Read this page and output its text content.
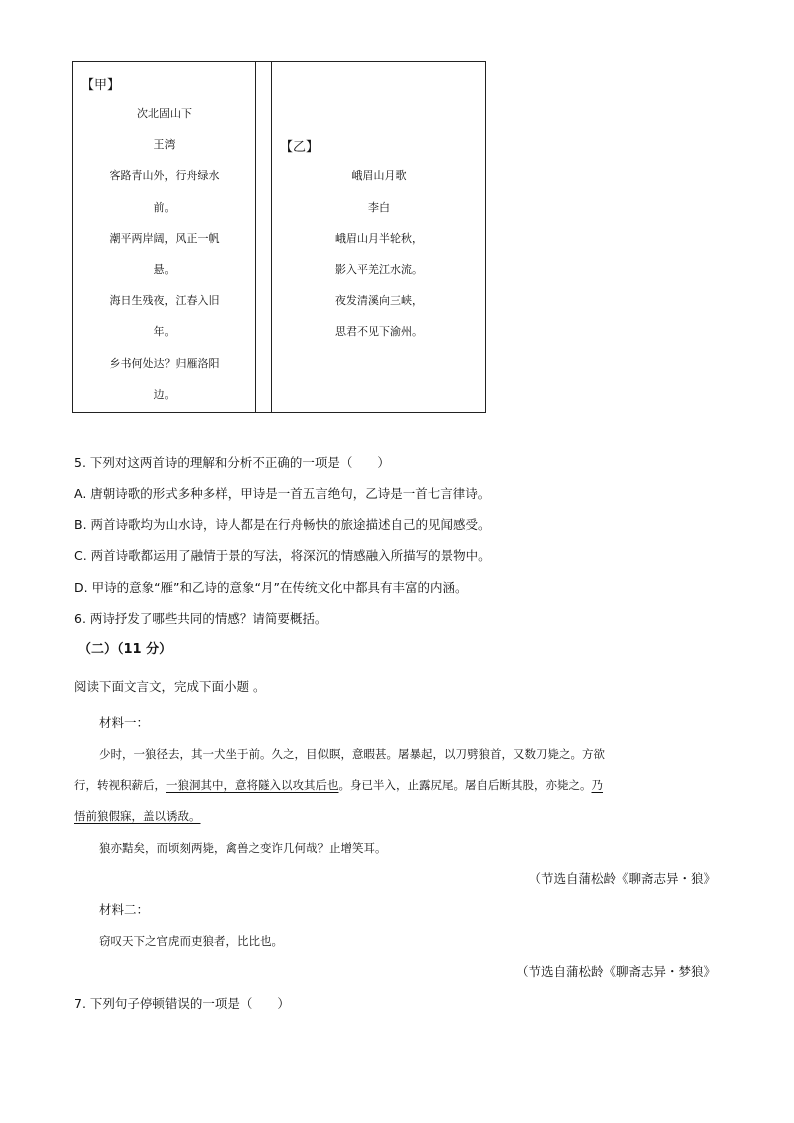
【甲】
次北固山下
王湾
客路青山外，行舟绿水
前。
潮平两岸阔，风正一帆
悬。
海日生残夜，江春入旧
年。
乡书何处达？归雁洛阳
边。
【乙】
峨眉山月歌
李白
峨眉山月半轮秋，
影入平羌江水流。
夜发清溪向三峡，
思君不见下渝州。
5. 下列对这两首诗的理解和分析不正确的一项是（　　）
A. 唐朝诗歌的形式多种多样，甲诗是一首五言绝句，乙诗是一首七言律诗。
B. 两首诗歌均为山水诗，诗人都是在行舟畅快的旅途描述自己的见闻感受。
C. 两首诗歌都运用了融情于景的写法，将深沉的情感融入所描写的景物中。
D. 甲诗的意象“雁”和乙诗的意象“月”在传统文化中都具有丰富的内涵。
6. 两诗抒发了哪些共同的情感？请简要概括。
（二）（11 分）
阅读下面文言文，完成下面小题 。
材料一：
少时，一狼径去，其一犬坐于前。久之，目似瞑，意暇甚。屠暴起，以刀劈狼首，又数刀毙之。方欲
行，转视积薪后，一狼洞其中，意将隧入以攻其后也。身已半入，止露尻尾。屠自后断其股，亦毙之。乃
悟前狼假寐，盖以诱敌。
狼亦黠矣，而顷刻两毙，禽兽之变诈几何哉？止增笑耳。
（节选自蒲松龄《聊斋志异・狼》
材料二：
窃叹天下之官虎而吏狼者，比比也。
（节选自蒲松龄《聊斋志异・梦狼》
7. 下列句子停顿错误的一项是（　　）
